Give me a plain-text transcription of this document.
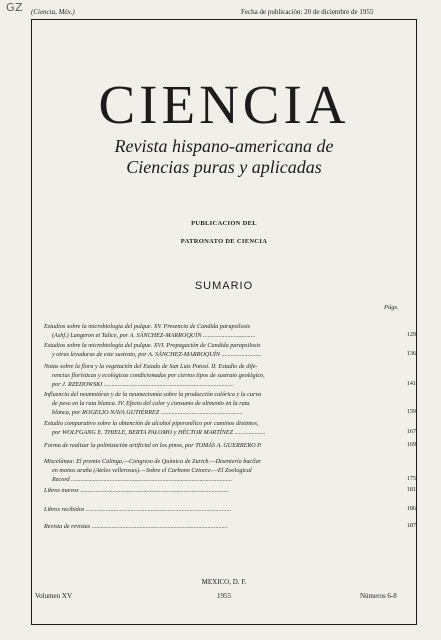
GZ (Ciencia, Méx.)	Fecha de publicación: 20 de diciembre de 1955
CIENCIA
Revista hispano-americana de
Ciencias puras y aplicadas
PUBLICACION DEL
PATRONATO DE CIENCIA
SUMARIO
Págs.
Estudios sobre la microbiología del pulque. XV. Presencia de Candida parapsilosis
(Ashf.) Langeron et Talice, por A. SÁNCHEZ-MARROQUÍN ..................................	129
Estudios sobre la microbiología del pulque. XVI. Propagación de Candida parapsilosis
y otras levaduras de este sustrato, por A. SÁNCHEZ-MARROQUÍN ..........................	136
Notas sobre la flora y la vegetación del Estado de San Luis Potosí. II. Estudio de dife-
rencias florísticas y ecológicas condicionadas por ciertos tipos de sustrato geológico,
por J. RZEDOWSKI ....................................................................................	141
Influencia del neumotórax y de la neumectomía sobre la producción calórica y la curva
de peso en la rata blanca. IV. Efecto del calor y consumo de alimento en la rata
blanca, por ROGELIO NAVA GUTIÉRREZ .....................................................	159
Estudio comparativo sobre la obtención de alcohol piperonílico por caminos distintos,
por WOLFGANG E. THIELE, BERTA PALOMO y HÉCTOR MARTÍNEZ ....................	167
Forma de realizar la polinización artificial en los pinos, por TOMÁS A. GUERRERO P.	169
Miscelánea: El premio Calinga.—Congreso de Química de Zurich.—Disentería bacilar
en monos araña (Ateles vellerosus).—Sobre el Carbono Cetorce.—El Zoological
Record ........................................................................................................	175
Libros nuevos ................................................................................................	181
Libros recibidos ..............................................................................................	186
Revista de revistas ........................................................................................	187
Volumen XV
MEXICO, D. F.
1955	Números 6-8
